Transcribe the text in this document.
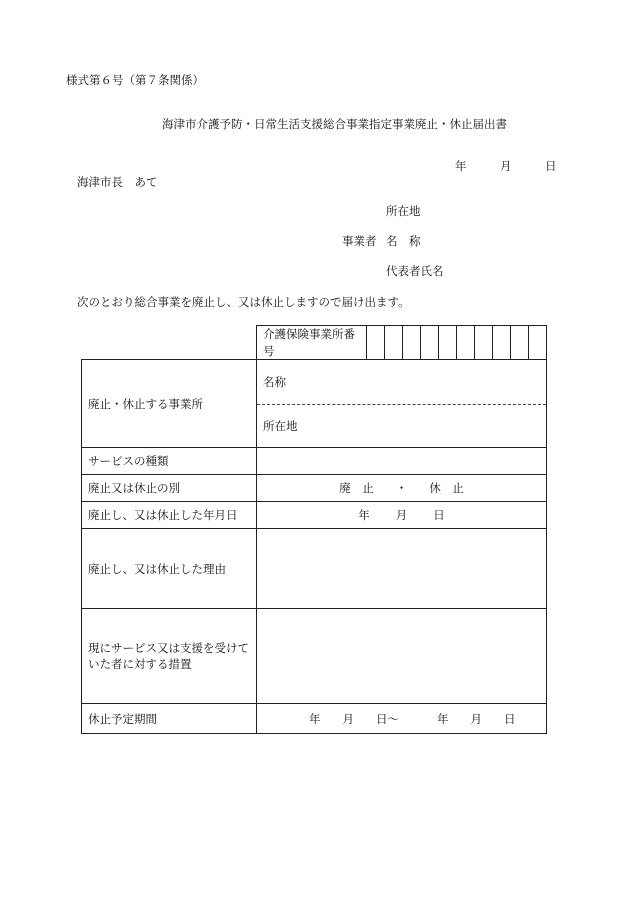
様式第６号（第７条関係）
海津市介護予防・日常生活支援総合事業指定事業廃止・休止届出書
年	月	日
海津市長　あて
所在地
事業者 名　称
代表者氏名
次のとおり総合事業を廃止し、又は休止しますので届け出ます。
	介護保険事業所番号										
廃止・休止する事業所	名称
所在地										

サービスの種類											
廃止又は休止の別	廃　止 ・ 休　止										
廃止し、又は休止した年月日	年 月 日										
廃止し、又は休止した理由											
現にサービス又は支援を受けていた者に対する措置											
休止予定期間	年 月 日～ 年 月 日										
